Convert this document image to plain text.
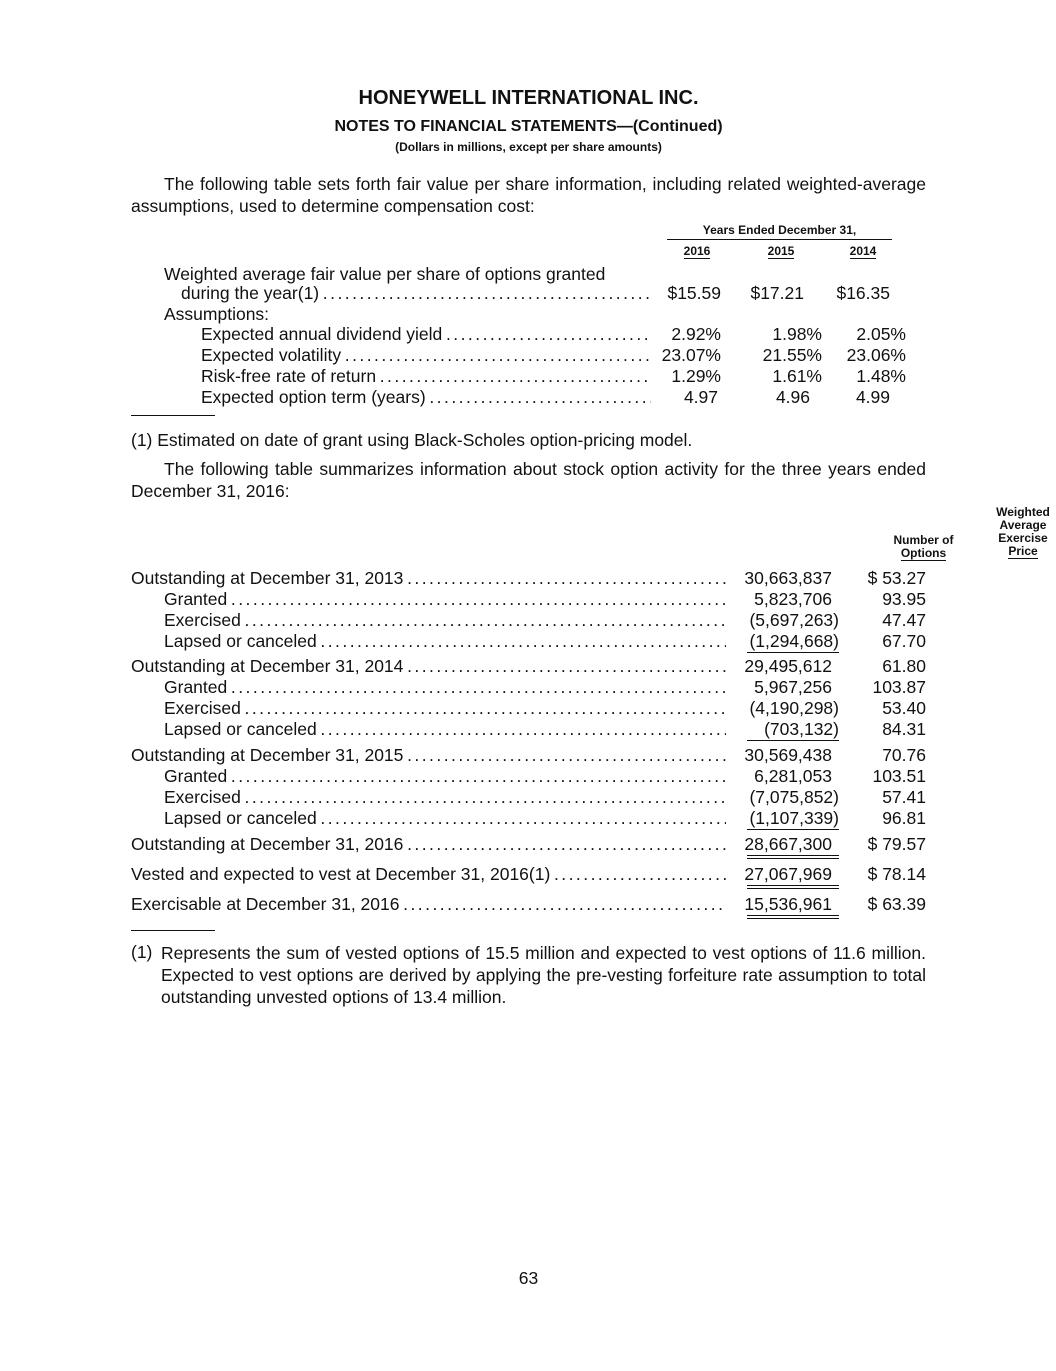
HONEYWELL INTERNATIONAL INC.
NOTES TO FINANCIAL STATEMENTS—(Continued)
(Dollars in millions, except per share amounts)
The following table sets forth fair value per share information, including related weighted-average assumptions, used to determine compensation cost:
Years Ended December 31,
2016	2015	2014
Weighted average fair value per share of options granted
during the year(1) . . .	$15.59	$17.21	$16.35
Assumptions:
Expected annual dividend yield . . .	2.92%	1.98%	2.05%
Expected volatility . . .	23.07%	21.55%	23.06%
Risk-free rate of return . . .	1.29%	1.61%	1.48%
Expected option term (years) . . .	4.97	4.96	4.99
(1) Estimated on date of grant using Black-Scholes option-pricing model.
The following table summarizes information about stock option activity for the three years ended December 31, 2016:
Number of
Options
Weighted
Average
Exercise
Price
Outstanding at December 31, 2013 . . .	30,663,837	$ 53.27
Granted . . .	5,823,706	93.95
Exercised . . .	(5,697,263)	47.47
Lapsed or canceled . . .	(1,294,668)	67.70
Outstanding at December 31, 2014 . . .	29,495,612	61.80
Granted . . .	5,967,256	103.87
Exercised . . .	(4,190,298)	53.40
Lapsed or canceled . . .	(703,132)	84.31
Outstanding at December 31, 2015 . . .	30,569,438	70.76
Granted . . .	6,281,053	103.51
Exercised . . .	(7,075,852)	57.41
Lapsed or canceled . . .	(1,107,339)	96.81
Outstanding at December 31, 2016 . . .	28,667,300	$ 79.57
Vested and expected to vest at December 31, 2016(1) . . .	27,067,969	$ 78.14
Exercisable at December 31, 2016 . . .	15,536,961	$ 63.39
(1) Represents the sum of vested options of 15.5 million and expected to vest options of 11.6 million. Expected to vest options are derived by applying the pre-vesting forfeiture rate assumption to total outstanding unvested options of 13.4 million.
63
